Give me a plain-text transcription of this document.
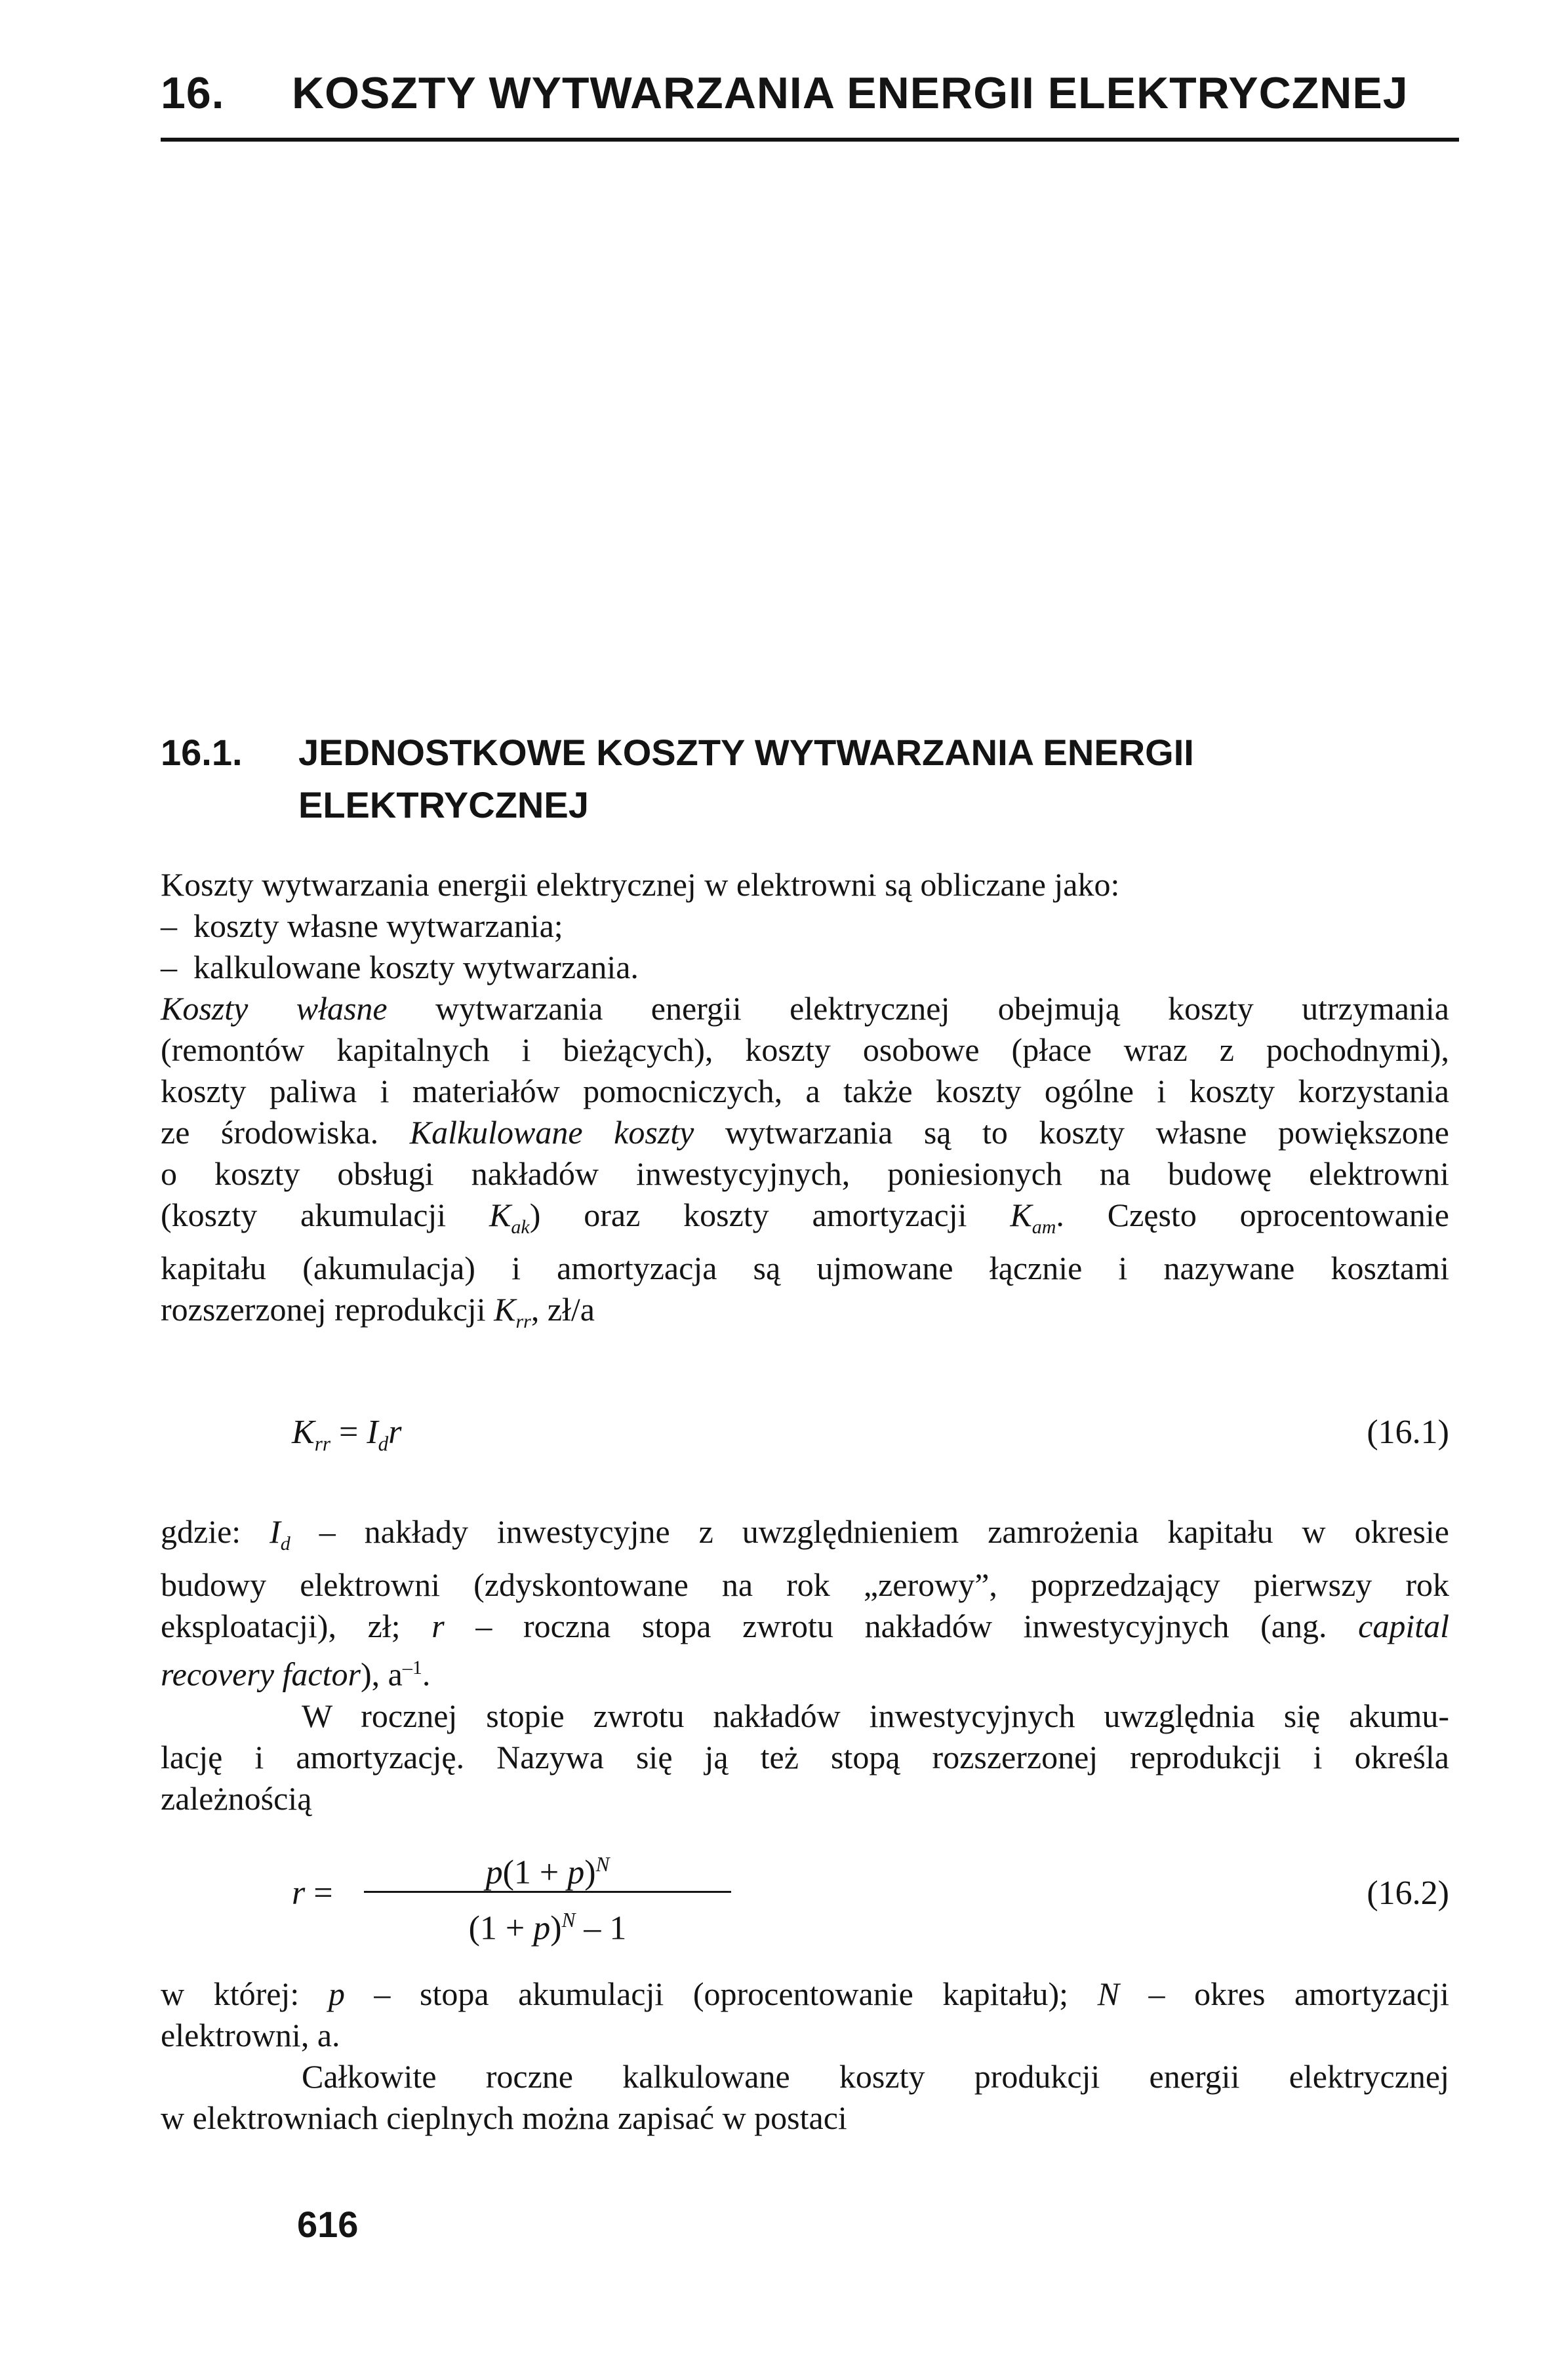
16. KOSZTY WYTWARZANIA ENERGII ELEKTRYCZNEJ
16.1. JEDNOSTKOWE KOSZTY WYTWARZANIA ENERGII
ELEKTRYCZNEJ
Koszty wytwarzania energii elektrycznej w elektrowni są obliczane jako:
– koszty własne wytwarzania;
– kalkulowane koszty wytwarzania.
Koszty własne wytwarzania energii elektrycznej obejmują koszty utrzymania
(remontów kapitalnych i bieżących), koszty osobowe (płace wraz z pochodnymi),
koszty paliwa i materiałów pomocniczych, a także koszty ogólne i koszty korzystania
ze środowiska. Kalkulowane koszty wytwarzania są to koszty własne powiększone
o koszty obsługi nakładów inwestycyjnych, poniesionych na budowę elektrowni
(koszty akumulacji $K_{ak}$) oraz koszty amortyzacji $K_{am}$. Często oprocentowanie
kapitału (akumulacja) i amortyzacja są ujmowane łącznie i nazywane kosztami
rozszerzonej reprodukcji $K_{rr}$, zł/a
$K_{rr} = I_dr$	(16.1)
gdzie: $I_d$ – nakłady inwestycyjne z uwzględnieniem zamrożenia kapitału w okresie
budowy elektrowni (zdyskontowane na rok „zerowy”, poprzedzający pierwszy rok
eksploatacji), zł; r – roczna stopa zwrotu nakładów inwestycyjnych (ang. capital
recovery factor), $a^{-1}$.
W rocznej stopie zwrotu nakładów inwestycyjnych uwzględnia się akumu-
lację i amortyzację. Nazywa się ją też stopą rozszerzonej reprodukcji i określa
zależnością
r =
$p(1 + p)^N$
$(1 + p)^N - 1$
(16.2)
w której: p – stopa akumulacji (oprocentowanie kapitału); N – okres amortyzacji
elektrowni, a.
Całkowite roczne kalkulowane koszty produkcji energii elektrycznej
w elektrowniach cieplnych można zapisać w postaci
616
